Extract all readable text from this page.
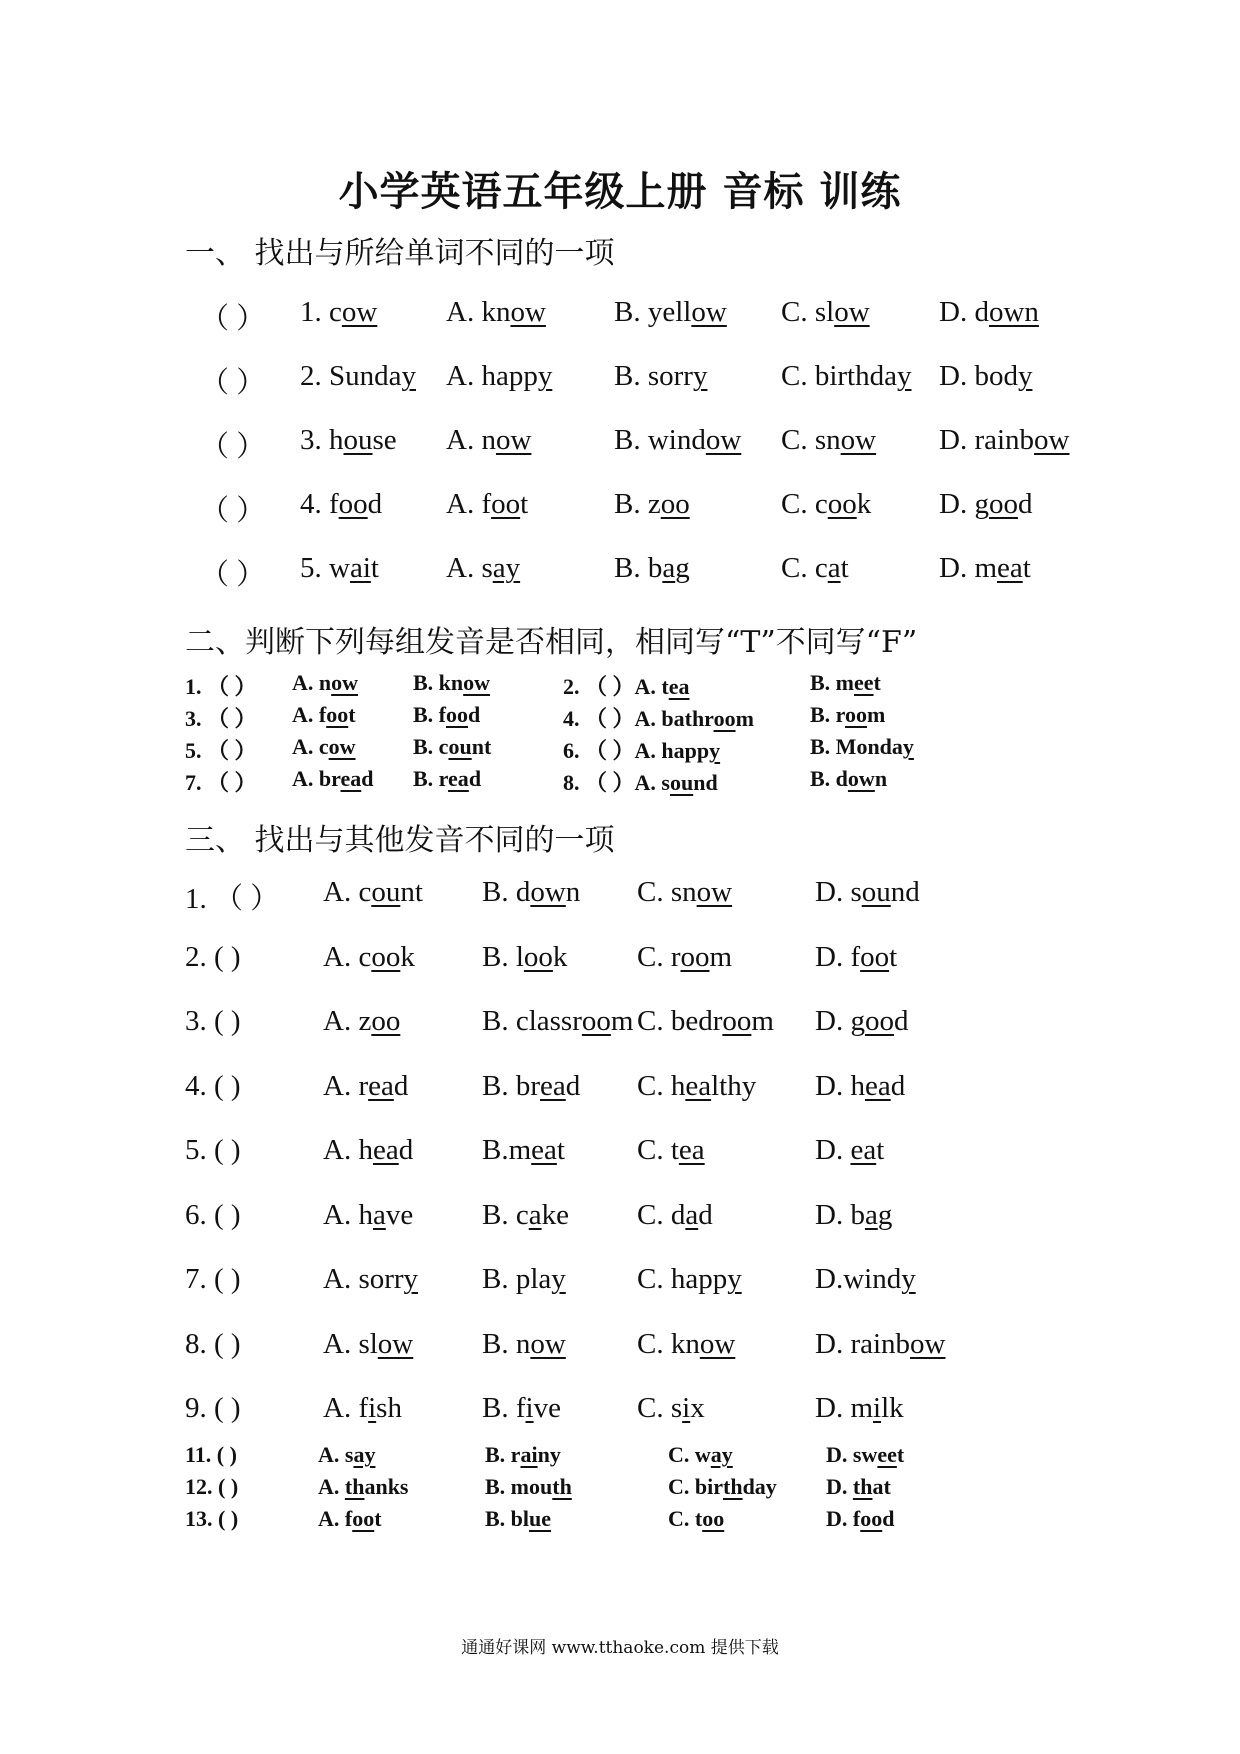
小学英语五年级上册 音标 训练
一、 找出与所给单词不同的一项
（ ） 1. cow A. know B. yellow C. slow D. down
（ ） 2. Sunday A. happy B. sorry	C. birthday D. body
（ ） 3. house A. now	B. window C. snow D. rainbow
（ ） 4. food A. foot	B. zoo	C. cook D. good
（ ） 5. wait A. say	B. bag	C. cat	D. meat
二、判断下列每组发音是否相同，相同写“T”不同写“F”
1. （ ） A. now B. know	2. （ ）A. tea	B. meet
3. （ ） A. foot	B. food	4. （ ）A. bathroom	B. room
5. （ ） A. cow	B. count	6. （ ）A. happy	B. Monday
7. （ ） A. bread B. read	8. （ ）A. sound	B. down
三、 找出与其他发音不同的一项
1. （ ） A. count B. down C. snow	D. sound
2. ( )	A. cook B. look C. room	D. foot
3. ( )	A. zoo	B. classroom C. bedroom D. good
4. ( )	A. read	B. bread C. healthy D. head
5. ( )	A. head B.meat C. tea	D. eat
6. ( )	A. have B. cake C. dad	D. bag
7. ( )	A. sorry B. play C. happy	D.windy
8. ( )	A. slow B. now C. know	D. rainbow
9. ( )	A. fish	B. five	C. six	D. milk
11. ( )	A. say	B. rainy	C. way	D. sweet
12. ( )	A. thanks	B. mouth	C. birthday D. that
13. ( )	A. foot	B. blue	C. too	D. food
通通好课网 www.tthaoke.com 提供下载
